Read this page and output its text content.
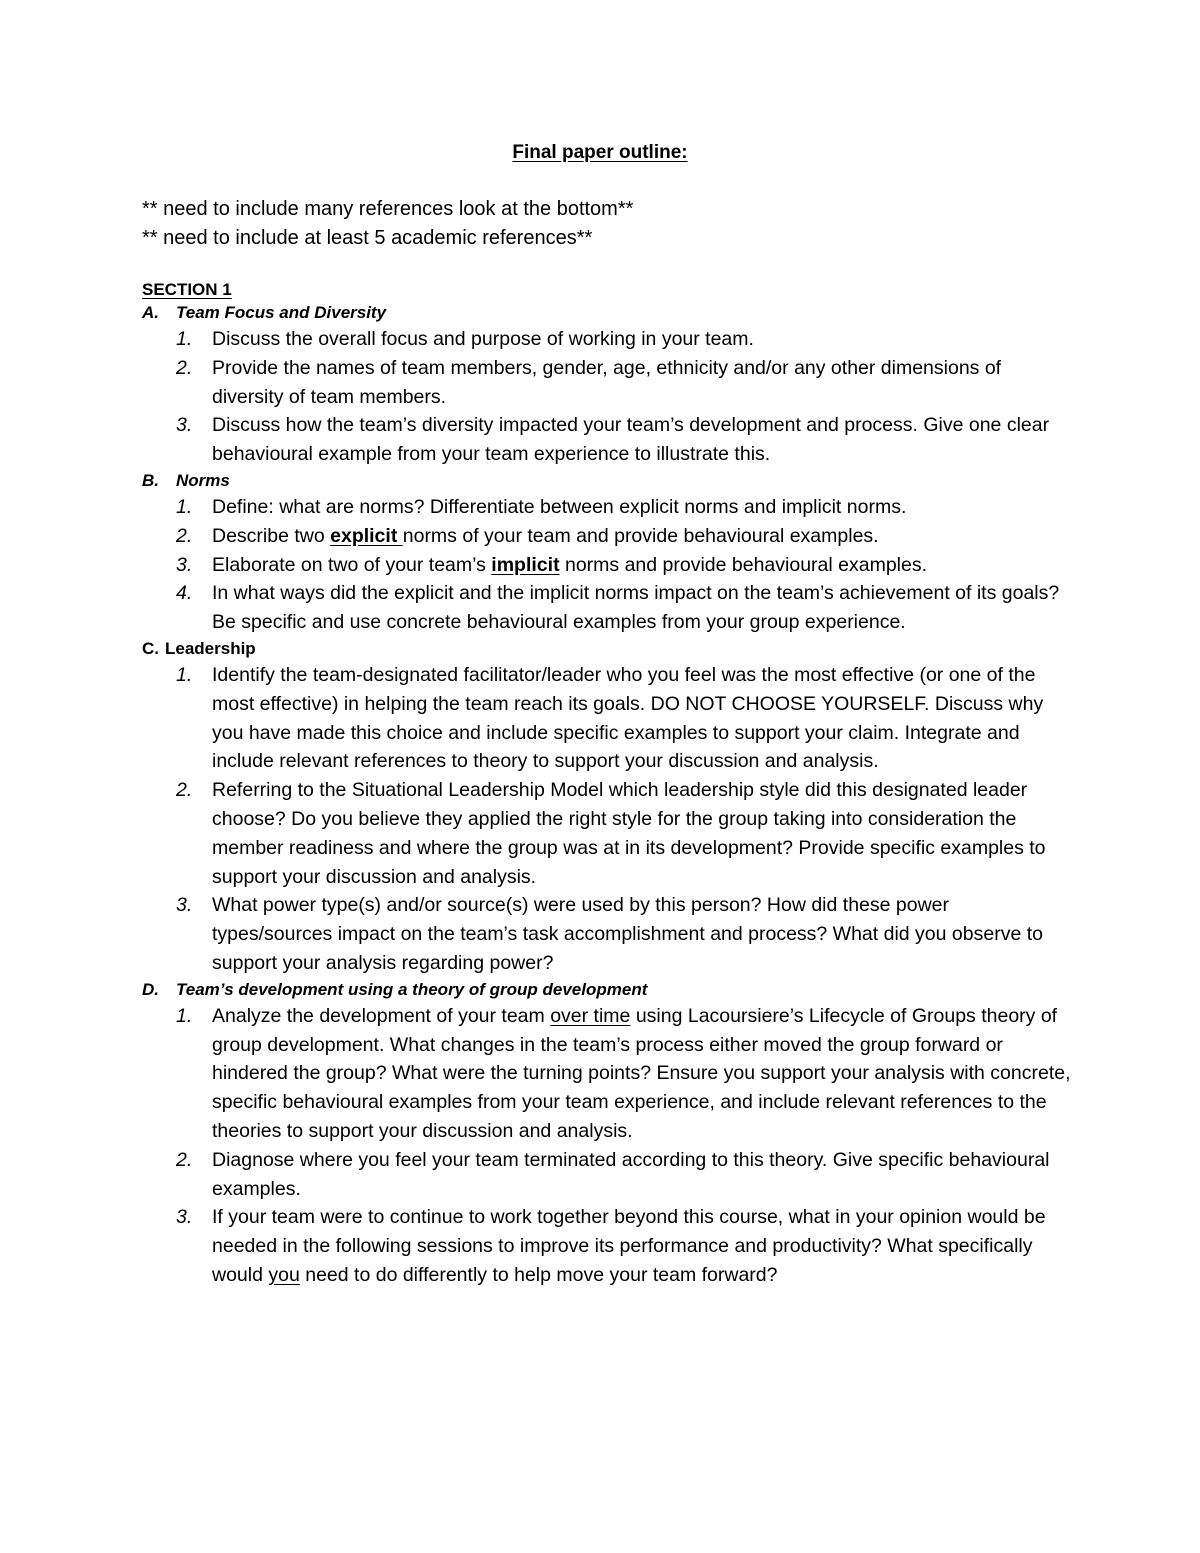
Final paper outline:
** need to include many references look at the bottom**
** need to include at least 5 academic references**
SECTION 1
A. Team Focus and Diversity
1.	Discuss the overall focus and purpose of working in your team.
2.	Provide the names of team members, gender, age, ethnicity and/or any other dimensions of diversity of team members.
3.	Discuss how the team’s diversity impacted your team’s development and process. Give one clear behavioural example from your team experience to illustrate this.
B. Norms
1.	Define: what are norms? Differentiate between explicit norms and implicit norms.
2.	Describe two explicit norms of your team and provide behavioural examples.
3.	Elaborate on two of your team’s implicit norms and provide behavioural examples.
4.	In what ways did the explicit and the implicit norms impact on the team’s achievement of its goals? Be specific and use concrete behavioural examples from your group experience.
C. Leadership
1.	Identify the team-designated facilitator/leader who you feel was the most effective (or one of the most effective) in helping the team reach its goals. DO NOT CHOOSE YOURSELF. Discuss why you have made this choice and include specific examples to support your claim. Integrate and include relevant references to theory to support your discussion and analysis.
2.	Referring to the Situational Leadership Model which leadership style did this designated leader choose? Do you believe they applied the right style for the group taking into consideration the member readiness and where the group was at in its development? Provide specific examples to support your discussion and analysis.
3.	What power type(s) and/or source(s) were used by this person? How did these power types/sources impact on the team’s task accomplishment and process? What did you observe to support your analysis regarding power?
D. Team’s development using a theory of group development
1.	Analyze the development of your team over time using Lacoursiere’s Lifecycle of Groups theory of group development. What changes in the team’s process either moved the group forward or hindered the group? What were the turning points? Ensure you support your analysis with concrete, specific behavioural examples from your team experience, and include relevant references to the theories to support your discussion and analysis.
2.	Diagnose where you feel your team terminated according to this theory. Give specific behavioural examples.
3.	If your team were to continue to work together beyond this course, what in your opinion would be needed in the following sessions to improve its performance and productivity? What specifically would you need to do differently to help move your team forward?
